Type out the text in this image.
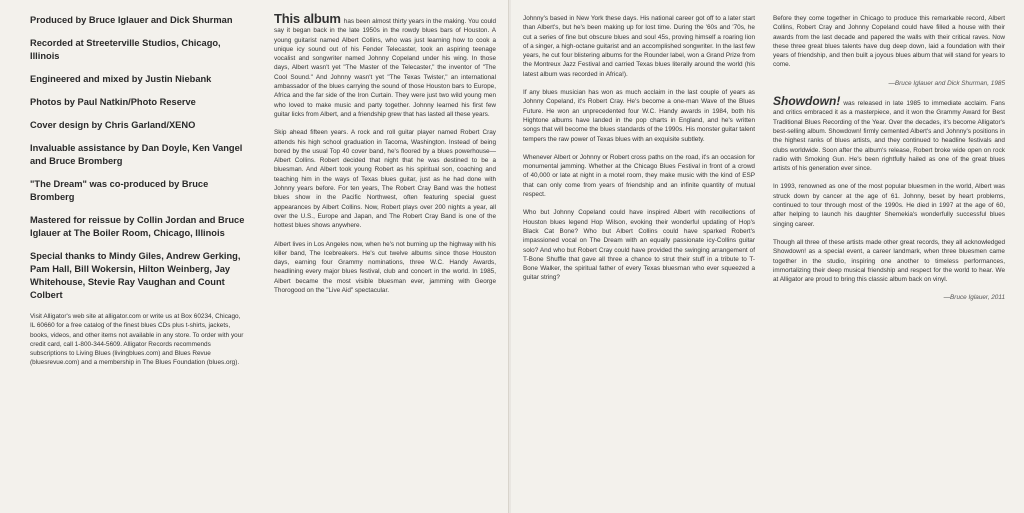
Produced by Bruce Iglauer and Dick Shurman
Recorded at Streeterville Studios, Chicago, Illinois
Engineered and mixed by Justin Niebank
Photos by Paul Natkin/Photo Reserve
Cover design by Chris Garland/XENO
Invaluable assistance by Dan Doyle, Ken Vangel and Bruce Bromberg
"The Dream" was co-produced by Bruce Bromberg
Mastered for reissue by Collin Jordan and Bruce Iglauer at The Boiler Room, Chicago, Illinois
Special thanks to Mindy Giles, Andrew Gerking, Pam Hall, Bill Wokersin, Hilton Weinberg, Jay Whitehouse, Stevie Ray Vaughan and Count Colbert
Visit Alligator's web site at alligator.com or write us at Box 60234, Chicago, IL 60660 for a free catalog of the finest blues CDs plus t-shirts, jackets, books, videos, and other items not available in any store. To order with your credit card, call 1-800-344-5609. Alligator Records recommends subscriptions to Living Blues (livingblues.com) and Blues Revue (bluesrevue.com) and a membership in The Blues Foundation (blues.org).

This album has been almost thirty years in the making. You could say it began back in the late 1950s in the rowdy blues bars of Houston. A young guitarist named Albert Collins, who was just learning how to cook a unique icy sound out of his Fender Telecaster, took an aspiring teenage vocalist and songwriter named Johnny Copeland under his wing. In those days, Albert wasn't yet "The Master of the Telecaster," the inventor of "The Cool Sound." And Johnny wasn't yet "The Texas Twister," an international ambassador of the blues carrying the sound of those Houston bars to Europe, Africa and the far side of the Iron Curtain. They were just two wild young men who loved to make music and party together. Johnny learned his first few guitar licks from Albert, and a friendship grew that has lasted all these years.

Skip ahead fifteen years. A rock and roll guitar player named Robert Cray attends his high school graduation in Tacoma, Washington. Instead of being bored by the usual Top 40 cover band, he's floored by a blues powerhouse—Albert Collins. Robert decided that night that he was destined to be a bluesman. And Albert took young Robert as his spiritual son, coaching and teaching him in the ways of Texas blues guitar, just as he had done with Johnny years before. For ten years, The Robert Cray Band was the hottest blues show in the Pacific Northwest, often featuring special guest appearances by Albert Collins. Now, Robert plays over 200 nights a year, all over the U.S., Europe and Japan, and The Robert Cray Band is one of the hottest blues shows anywhere.

Albert lives in Los Angeles now, when he's not burning up the highway with his killer band, The Icebreakers. He's cut twelve albums since those Houston days, earning four Grammy nominations, three W.C. Handy Awards, headlining every major blues festival, club and concert in the world. In 1985, Albert became the most visible bluesman ever, jamming with George Thorogood on the "Live Aid" spectacular.

Johnny's based in New York these days. His national career got off to a later start than Albert's, but he's been making up for lost time. During the '60s and '70s, he cut a series of fine but obscure blues and soul 45s, proving himself a roaring lion of a singer, a high-octane guitarist and an accomplished songwriter. In the last few years, he cut four blistering albums for the Rounder label, won a Grand Prize from the Montreux Jazz Festival and carried Texas blues literally around the world (his latest album was recorded in Africa!).

If any blues musician has won as much acclaim in the last couple of years as Johnny Copeland, it's Robert Cray. He's become a one-man Wave of the Blues Future. He won an unprecedented four W.C. Handy awards in 1984, both his Hightone albums have landed in the pop charts in England, and he's written songs that will become the blues standards of the 1990s. His monster guitar talent tempers the raw power of Texas blues with an exquisite subtlety.

Whenever Albert or Johnny or Robert cross paths on the road, it's an occasion for monumental jamming. Whether at the Chicago Blues Festival in front of a crowd of 40,000 or late at night in a motel room, they make music with the kind of ESP that can only come from years of friendship and an infinite quantity of mutual respect.

Who but Johnny Copeland could have inspired Albert with recollections of Houston blues legend Hop Wilson, evoking their wonderful updating of Hop's Black Cat Bone? Who but Albert Collins could have sparked Robert's impassioned vocal on The Dream with an equally passionate icy-Collins guitar solo? And who but Robert Cray could have provided the swinging arrangement of T-Bone Shuffle that gave all three a chance to strut their stuff in a tribute to T-Bone Walker, the spiritual father of every Texas bluesman who ever squeezed a guitar string?

Before they come together in Chicago to produce this remarkable record, Albert Collins, Robert Cray and Johnny Copeland could have filled a house with their awards from the last decade and papered the walls with their critical raves. Now these three great blues talents have dug deep down, laid a foundation with their years of friendship, and then built a joyous blues album that will stand for years to come.

—Bruce Iglauer and Dick Shurman, 1985

Showdown! was released in late 1985 to immediate acclaim. Fans and critics embraced it as a masterpiece, and it won the Grammy Award for Best Traditional Blues Recording of the Year. Over the decades, it's become Alligator's best-selling album. Showdown! firmly cemented Albert's and Johnny's positions in the highest ranks of blues artists, and they continued to headline festivals and clubs worldwide. Soon after the album's release, Robert broke wide open on rock radio with Smoking Gun. He's been rightfully hailed as one of the great blues artists of his generation ever since.

In 1993, renowned as one of the most popular bluesmen in the world, Albert was struck down by cancer at the age of 61. Johnny, beset by heart problems, continued to tour through most of the 1990s. He died in 1997 at the age of 60, after helping to launch his daughter Shemekia's wonderfully successful blues singing career.

Though all three of these artists made other great records, they all acknowledged Showdown! as a special event, a career landmark, when three bluesmen came together in the studio, inspiring one another to timeless performances, immortalizing their deep musical friendship and respect for the world to hear. We at Alligator are proud to bring this classic album back on vinyl.

—Bruce Iglauer, 2011
